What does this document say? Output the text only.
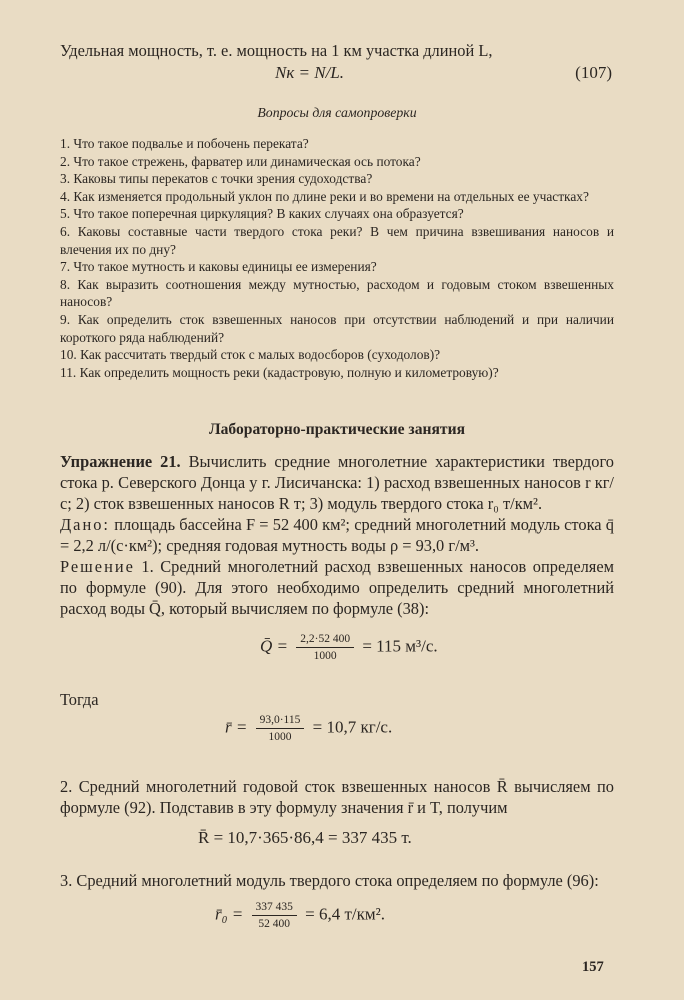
Удельная мощность, т. е. мощность на 1 км участка длиной L,

Nк = N/L.	(107)
Вопросы для самопроверки
1. Что такое подвалье и побочень переката?
2. Что такое стрежень, фарватер или динамическая ось потока?
3. Каковы типы перекатов с точки зрения судоходства?
4. Как изменяется продольный уклон по длине реки и во времени на отдельных ее участках?
5. Что такое поперечная циркуляция? В каких случаях она образуется?
6. Каковы составные части твердого стока реки? В чем причина взвешивания наносов и влечения их по дну?
7. Что такое мутность и каковы единицы ее измерения?
8. Как выразить соотношения между мутностью, расходом и годовым стоком взвешенных наносов?
9. Как определить сток взвешенных наносов при отсутствии наблюдений и при наличии короткого ряда наблюдений?
10. Как рассчитать твердый сток с малых водосборов (суходолов)?
11. Как определить мощность реки (кадастровую, полную и километровую)?
Лабораторно-практические занятия

Упражнение 21. Вычислить средние многолетние характеристики твердого стока р. Северского Донца у г. Лисичанска: 1) расход взвешенных наносов r кг/с; 2) сток взвешенных наносов R т; 3) модуль твердого стока r₀ т/км².

Дано: площадь бассейна F = 52 400 км²; средний многолетний модуль стока q̄ = 2,2 л/(с·км²); средняя годовая мутность воды ρ = 93,0 г/м³.

Решение 1. Средний многолетний расход взвешенных наносов определяем по формуле (90). Для этого необходимо определить средний многолетний расход воды Q̄, который вычисляем по формуле (38):

Q̄ = $\frac{2,2\cdot 52 400}{1000} = 115$ м³/с.

Тогда

r̄ = $\frac{93,0\cdot 115}{1000} = 10,7$ кг/с.

2. Средний многолетний годовой сток взвешенных наносов R̄ вычисляем по формуле (92). Подставив в эту формулу значения r̄ и T, получим

R̄ = 10,7·365·86,4 = 337 435 т.

3. Средний многолетний модуль твердого стока определяем по формуле (96):

r̄₀ = $\frac{337 435}{52 400} = 6,4$ т/км².
157
